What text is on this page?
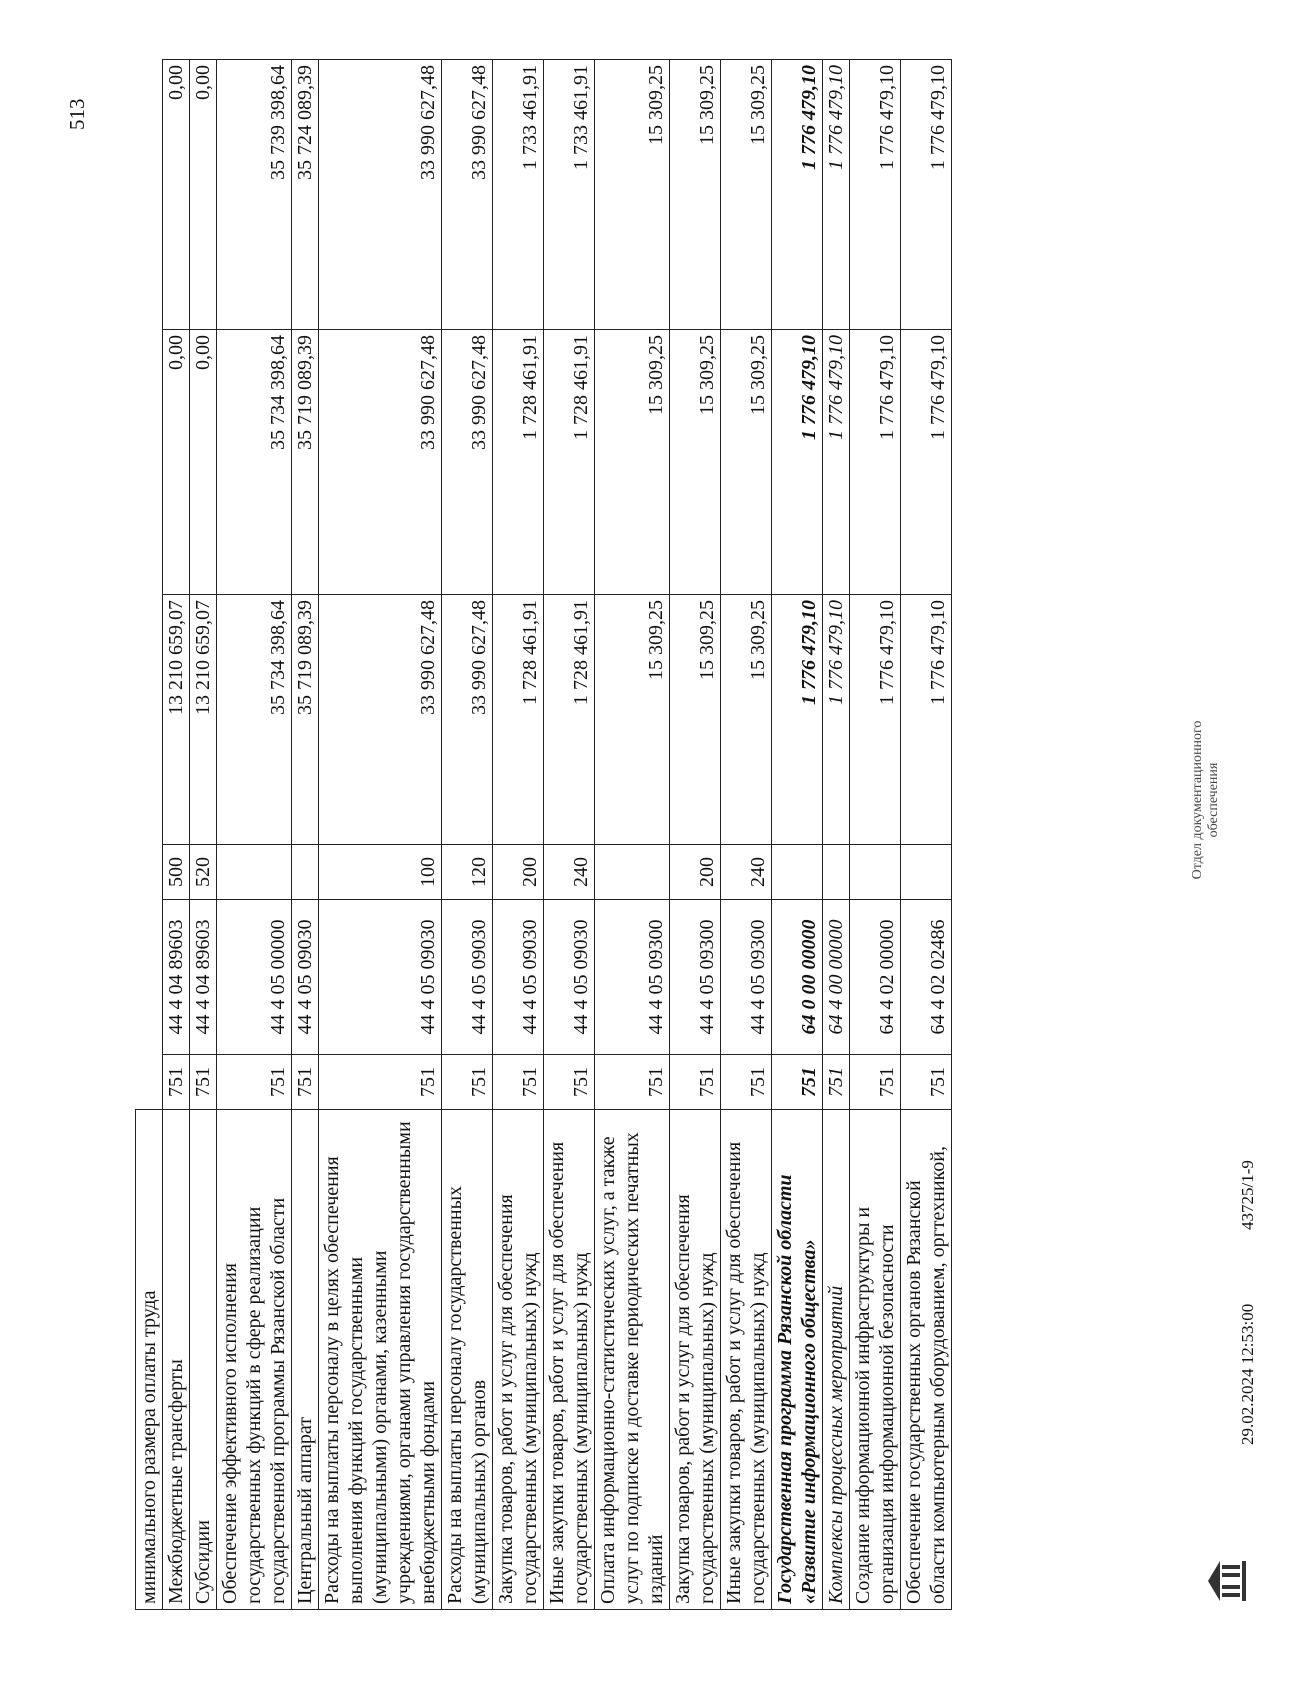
513
минимального размера оплаты труда						
Межбюджетные трансферты	751	44 4 04 89603	500	13 210 659,07	0,00	0,00
Субсидии	751	44 4 04 89603	520	13 210 659,07	0,00	0,00
Обеспечение эффективного исполнения государственных функций в сфере реализации государственной программы Рязанской области	751	44 4 05 00000		35 734 398,64	35 734 398,64	35 739 398,64
Центральный аппарат	751	44 4 05 09030		35 719 089,39	35 719 089,39	35 724 089,39
Расходы на выплаты персоналу в целях обеспечения выполнения функций государственными (муниципальными) органами, казенными учреждениями, органами управления государственными внебюджетными фондами	751	44 4 05 09030	100	33 990 627,48	33 990 627,48	33 990 627,48
Расходы на выплаты персоналу государственных (муниципальных) органов	751	44 4 05 09030	120	33 990 627,48	33 990 627,48	33 990 627,48
Закупка товаров, работ и услуг для обеспечения государственных (муниципальных) нужд	751	44 4 05 09030	200	1 728 461,91	1 728 461,91	1 733 461,91
Иные закупки товаров, работ и услуг для обеспечения государственных (муниципальных) нужд	751	44 4 05 09030	240	1 728 461,91	1 728 461,91	1 733 461,91
Оплата информационно-статистических услуг, а также услуг по подписке и доставке периодических печатных изданий	751	44 4 05 09300		15 309,25	15 309,25	15 309,25
Закупка товаров, работ и услуг для обеспечения государственных (муниципальных) нужд	751	44 4 05 09300	200	15 309,25	15 309,25	15 309,25
Иные закупки товаров, работ и услуг для обеспечения государственных (муниципальных) нужд	751	44 4 05 09300	240	15 309,25	15 309,25	15 309,25
Государственная программа Рязанской области «Развитие информационного общества»	751	64 0 00 00000		1 776 479,10	1 776 479,10	1 776 479,10
Комплексы процессных мероприятий	751	64 4 00 00000		1 776 479,10	1 776 479,10	1 776 479,10
Создание информационной инфраструктуры и организация информационной безопасности	751	64 4 02 00000		1 776 479,10	1 776 479,10	1 776 479,10
Обеспечение государственных органов Рязанской области компьютерным оборудованием, оргтехникой,	751	64 4 02 02486		1 776 479,10	1 776 479,10	1 776 479,10
29.02.2024 12:53:00
43725/1-9
Отдел документационного обеспечения
